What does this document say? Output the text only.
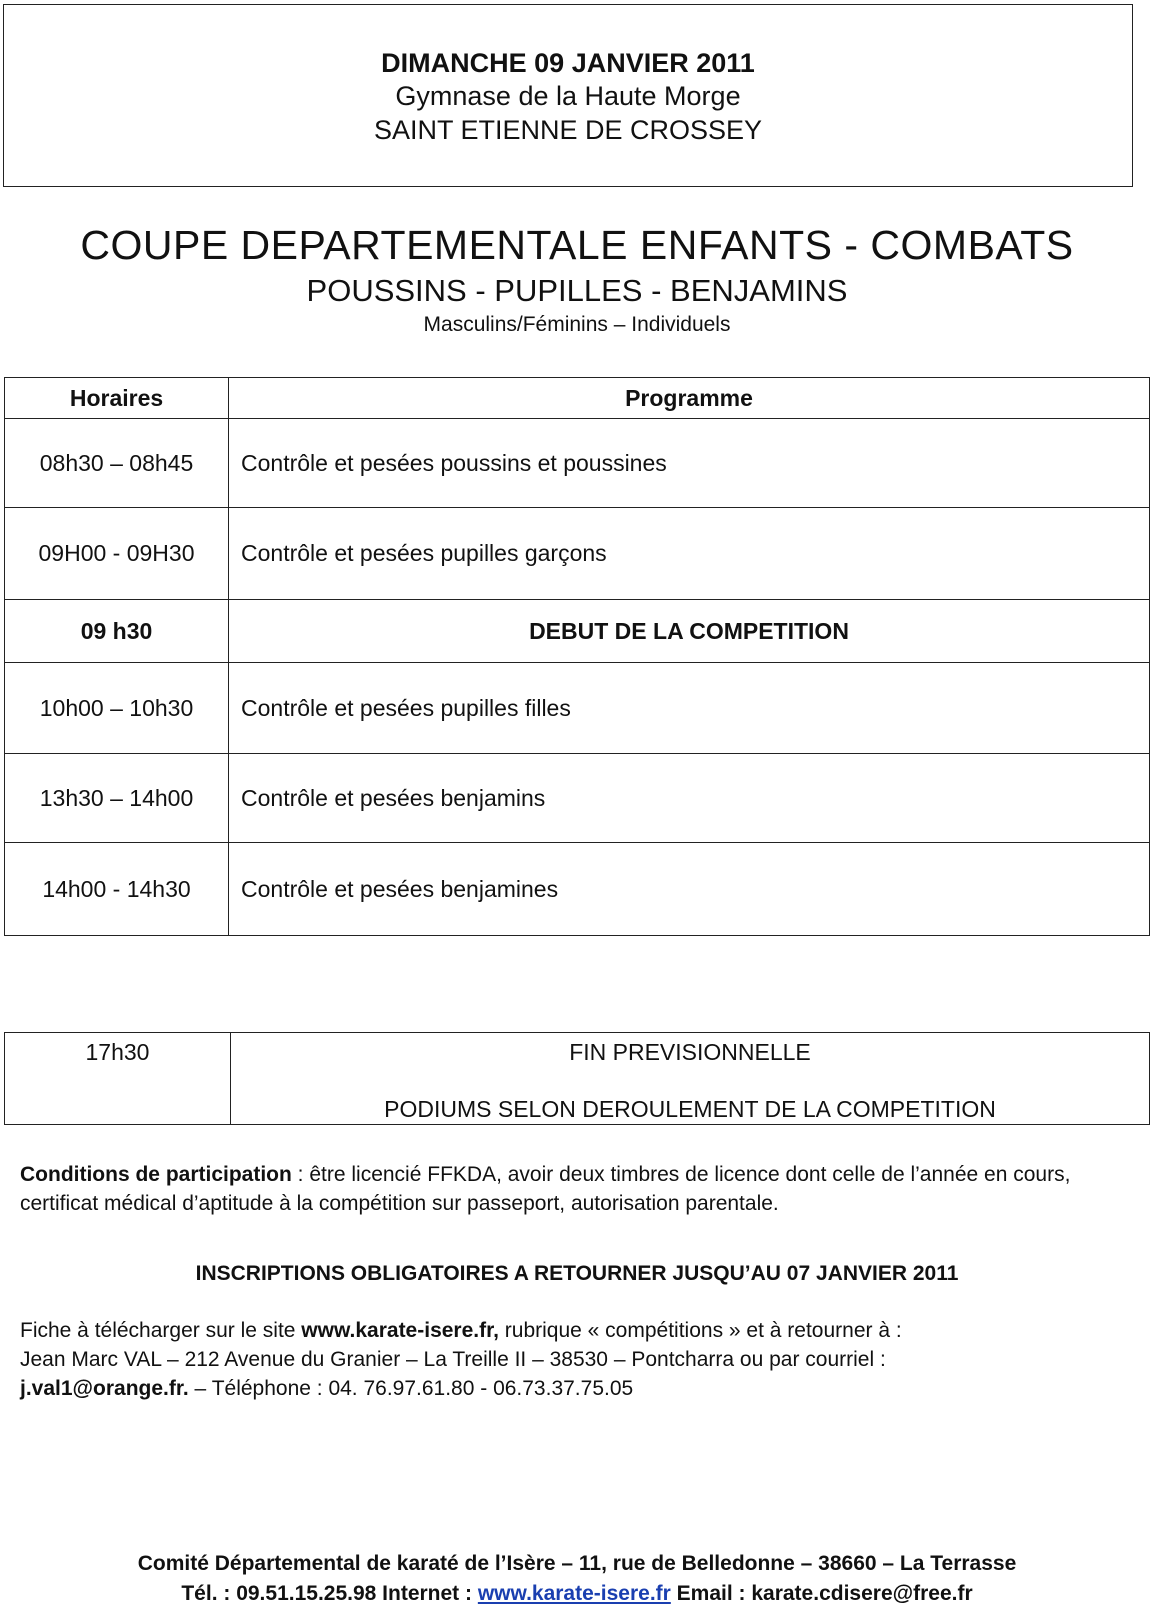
DIMANCHE 09 JANVIER 2011
Gymnase de la Haute Morge
SAINT ETIENNE DE CROSSEY
COUPE DEPARTEMENTALE ENFANTS - COMBATS
POUSSINS - PUPILLES - BENJAMINS
Masculins/Féminins – Individuels
Horaires	Programme
08h30 – 08h45	Contrôle et pesées poussins et poussines
09H00 - 09H30	Contrôle et pesées pupilles garçons
09 h30	DEBUT DE LA COMPETITION
10h00 – 10h30	Contrôle et pesées pupilles filles
13h30 – 14h00	Contrôle et pesées benjamins
14h00 - 14h30	Contrôle et pesées benjamines
17h30	FIN PREVISIONNELLE
PODIUMS SELON DEROULEMENT DE LA COMPETITION
Conditions de participation : être licencié FFKDA, avoir deux timbres de licence dont celle de l’année en cours, certificat médical d’aptitude à la compétition sur passeport, autorisation parentale.
INSCRIPTIONS OBLIGATOIRES A RETOURNER JUSQU’AU 07 JANVIER 2011
Fiche à télécharger sur le site www.karate-isere.fr, rubrique « compétitions » et à retourner à :
Jean Marc VAL – 212 Avenue du Granier – La Treille II – 38530 – Pontcharra ou par courriel :
j.val1@orange.fr. – Téléphone : 04. 76.97.61.80 - 06.73.37.75.05
Comité Départemental de karaté de l’Isère – 11, rue de Belledonne – 38660 – La Terrasse
Tél. : 09.51.15.25.98 Internet : www.karate-isere.fr Email : karate.cdisere@free.fr
